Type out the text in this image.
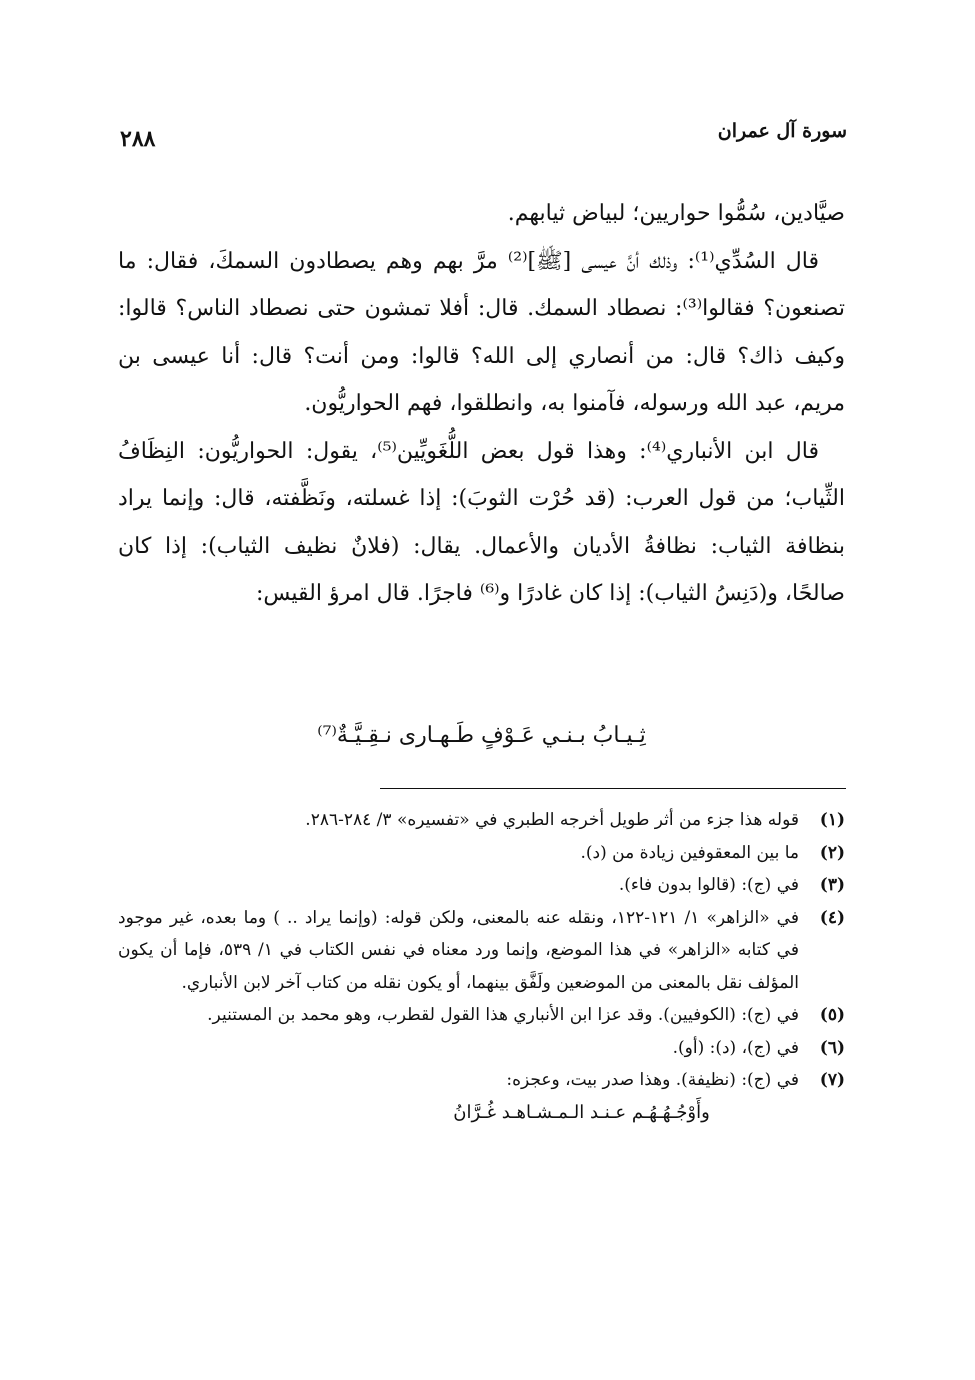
سورة آل عمران
٢٨٨

صيَّادين، سُمُّوا حواريين؛ لبياض ثيابهم.

قال السُدِّي⁽¹⁾: وذلك أنَّ عيسى [ﷺ]⁽²⁾ مرَّ بهم وهم يصطادون السمكَ، فقال: ما تصنعون؟ فقالوا⁽³⁾: نصطاد السمك. قال: أفلا تمشون حتى نصطاد الناس؟ قالوا: وكيف ذاك؟ قال: من أنصاري إلى الله؟ قالوا: ومن أنت؟ قال: أنا عيسى بن مريم، عبد الله ورسوله، فآمنوا به، وانطلقوا، فهم الحواريُّون.

قال ابن الأنباري⁽⁴⁾: وهذا قول بعض اللُّغَويِّين⁽⁵⁾، يقول: الحواريُّون: النِظَافُ الثِّياب؛ من قول العرب: (قد حُرْت الثوبَ): إذا غسلته، ونَظَّفته، قال: وإنما يراد بنظافة الثياب: نظافةُ الأديان والأعمال. يقال: (فلانٌ نظيف الثياب): إذا كان صالحًا، و(دَنِسُ الثياب): إذا كان غادرًا و⁽⁶⁾ فاجرًا. قال امرؤ القيس:

ثِـيـابُ بـنـي عَـوْفٍ طَـهـارى نـقِـيَّـةٌ⁽⁷⁾
(١)
قوله هذا جزء من أثر طويل أخرجه الطبري في «تفسيره» ٣/ ٢٨٤-٢٨٦.
(٢)
ما بين المعقوفين زيادة من (د).
(٣)
في (ج): (قالوا بدون فاء).
(٤)
في «الزاهر» ١/ ١٢١-١٢٢، ونقله عنه بالمعنى، ولكن قوله: (وإنما يراد .. ) وما بعده، غير موجود في كتابه «الزاهر» في هذا الموضع، وإنما ورد معناه في نفس الكتاب في ١/ ٥٣٩، فإما أن يكون المؤلف نقل بالمعنى من الموضعين ولَفَّق بينهما، أو يكون نقله من كتاب آخر لابن الأنباري.
(٥)
في (ج): (الكوفيين). وقد عزا ابن الأنباري هذا القول لقطرب، وهو محمد بن المستنير.
(٦)
في (ج)، (د): (أو).
(٧)
في (ج): (نظيفة). وهذا صدر بيت، وعجزه:
وأَوْجُـهُـهُـم عـنـد الـمـشـاهـد غُـرَّانُ
